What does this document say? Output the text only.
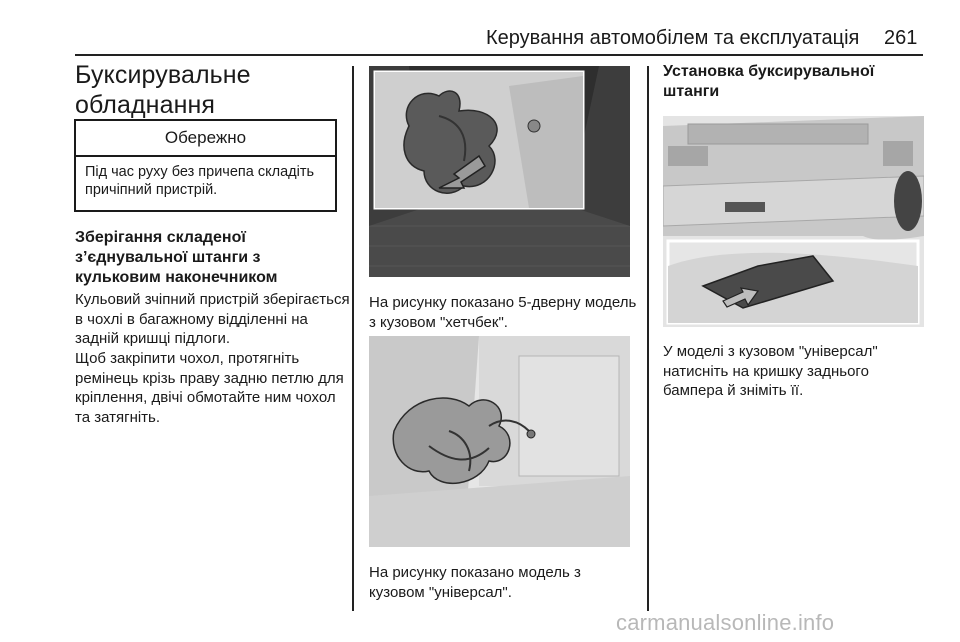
Керування автомобілем та експлуатація 261
Буксирувальне обладнання
Обережно
Під час руху без причепа складіть причіпний пристрій.
Зберігання складеної з’єднувальної штанги з кульковим наконечником

Кульовий зчіпний пристрій зберігається в чохлі в багажному відділенні на задній кришці підлоги.

Щоб закріпити чохол, протягніть ремінець крізь праву задню петлю для кріплення, двічі обмотайте ним чохол та затягніть.

На рисунку показано 5-дверну модель з кузовом "хетчбек".

На рисунку показано модель з кузовом "універсал".

Установка буксирувальної штанги

У моделі з кузовом "універсал" натисніть на кришку заднього бампера й зніміть її.

carmanualsonline.info
